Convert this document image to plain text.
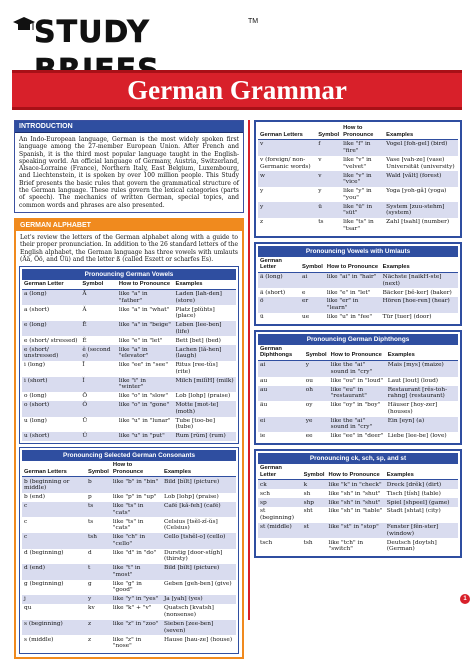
STUDY	TM
German Grammar
INTRODUCTION
An Indo-European language, German is the most widely spoken first language among the 27-member European Union. After French and Spanish, it is the third most popular language taught in the English-speaking world. An official language of Germany, Austria, Switzerland, Alsace-Lorraine (France), Northern Italy, East Belgium, Luxembourg, and Liechtenstein, it is spoken by over 100 million people. This Study Brief presents the basic rules that govern the grammatical structure of the German language. These rules govern the lexical categories (parts of speech). The mechanics of written German, special topics, and common words and phrases are also presented.
GERMAN ALPHABET
Let's review the letters of the German alphabet along with a guide to their proper pronunciation. In addition to the 26 standard letters of the English alphabet, the German language has three vowels with umlauts (Ää, Öö, and Üü) and the letter ß (called Eszett or scharfes Es).
Pronouncing German Vowels
German Letter	Symbol	How to Pronounce	Examples
a (long)	Ā	like "a" in "father"	Laden [lah-den] (store)
a (short)	Ă	like "a" in "what"	Platz [plŭhts] (place)
e (long)	Ē	like "a" in "beige"	Leben [lee-ben] (life)
e (short/ stressed)	Ĕ	like "e" in "let"	Bett [bet] (bed)
e (short/ unstressed)	ĕ (second e)	like "a" in "elevator"	Lachen [lă-hen] (laugh)
i (long)	Ī	like "ee" in "see"	Ritus [ree-tŭs] (rite)
i (short)	Ĭ	like "i" in "winter"	Milch [milĭH] (milk)
o (long)	Ō	like "o" in "slow"	Lob [lohp] (praise)
o (short)	Ŏ	like "o" in "gone"	Motte [mot-te] (moth)
u (long)	Ū	like "u" in "lunar"	Tube [too-be] (tube)
u (short)	Ŭ	like "u" in "put"	Rum [rŭm] (rum)
Pronouncing Selected German Consonants
German Letters	Symbol	How to Pronounce	Examples
b (beginning or middle)	b	like "b" in "bin"	Bild [bĭlt] (picture)
b (end)	p	like "p" in "up"	Lob [lohp] (praise)
c	ts	like "ts" in "cats"	Café [kă-feh] (café)
c	ts	like "ts" in "cats"	Celsius [tsĕl-zĭ-ŭs] (Celsius)
c	tsh	like "ch" in "cello"	Cello [tshĕl-o] (cello)
d (beginning)	d	like "d" in "do"	Durstig [door-stĭgh] (thirsty)
d (end)	t	like "t" in "most"	Bild [bĭlt] (picture)
g (beginning)	g	like "g" in "good"	Geben [geh-ben] (give)
j	y	like "y" in "yes"	Ja [yah] (yes)
qu	kv	like "k" + "v"	Quatsch [kvatsh] (nonsense)
s (beginning)	z	like "z" in "zoo"	Sieben [zee-ben] (seven)
s (middle)	z	like "z" in "nose"	Hause [hau-ze] (house)
German Letters	Symbol	How to Pronounce	Examples
v	f	like "f" in "fire"	Vogel [foh-gel] (bird)
v (foreign/ non-Germanic words)	v	like "v" in "velvet"	Vase [vah-ze] (vase) Universität (university)
w	v	like "v" in "vice"	Wald [vălt] (forest)
y	y	like "y" in "you"	Yoga [yoh-gă] (yoga)
y	ü	like "ü" in "süt"	System [zuu-stehm] (system)
z	ts	like "ts" in "tsar"	Zahl [tsahl] (number)
Pronouncing Vowels with Umlauts
German Letter	Symbol	How to Pronounce	Examples
ä (long)	ai	like "ai" in "hair"	Nächste [naikH-ste] (next)
ä (short)	e	like "e" in "let"	Bäcker [bĕ-ker] (baker)
ö	er	like "er" in "learn"	Hören [hoe-ren] (hear)
ü	ue	like "u" in "fee"	Tür [tuer] (door)
Pronouncing German Diphthongs
German Diphthongs	Symbol	How to Pronounce	Examples
ai	y	like the "ai" sound in "cry"	Mais [mys] (maize)
au	ou	like "ou" in "loud"	Laut [lout] (loud)
au	oh	like "eu" in "restaurant"	Restaurant [rĕs-toh-rahng] (restaurant)
äu	oy	like "oy" in "boy"	Häuser [hoy-zer] (houses)
ei	ye	like the "ai" sound in "cry"	Ein [eyn] (a)
ie	ee	like "ee" in "deer"	Liebe [lee-be] (love)
Pronouncing ck, sch, sp, and st
German Letter	Symbol	How to Pronounce	Examples
ck	k	like "k" in "check"	Dreck [drĕk] (dirt)
sch	sh	like "sh" in "shut"	Tisch [tĭsh] (table)
sp	shp	like "sh" in "shut"	Spiel [shpeel] (game)
st (beginning)	sht	like "sh" in "table"	Stadt [shtat] (city)
st (middle)	st	like "st" in "stop"	Fenster [fĕn-ster] (window)
tsch	tsh	like "tch" in "switch"	Deutsch [doytsh] (German)
1
